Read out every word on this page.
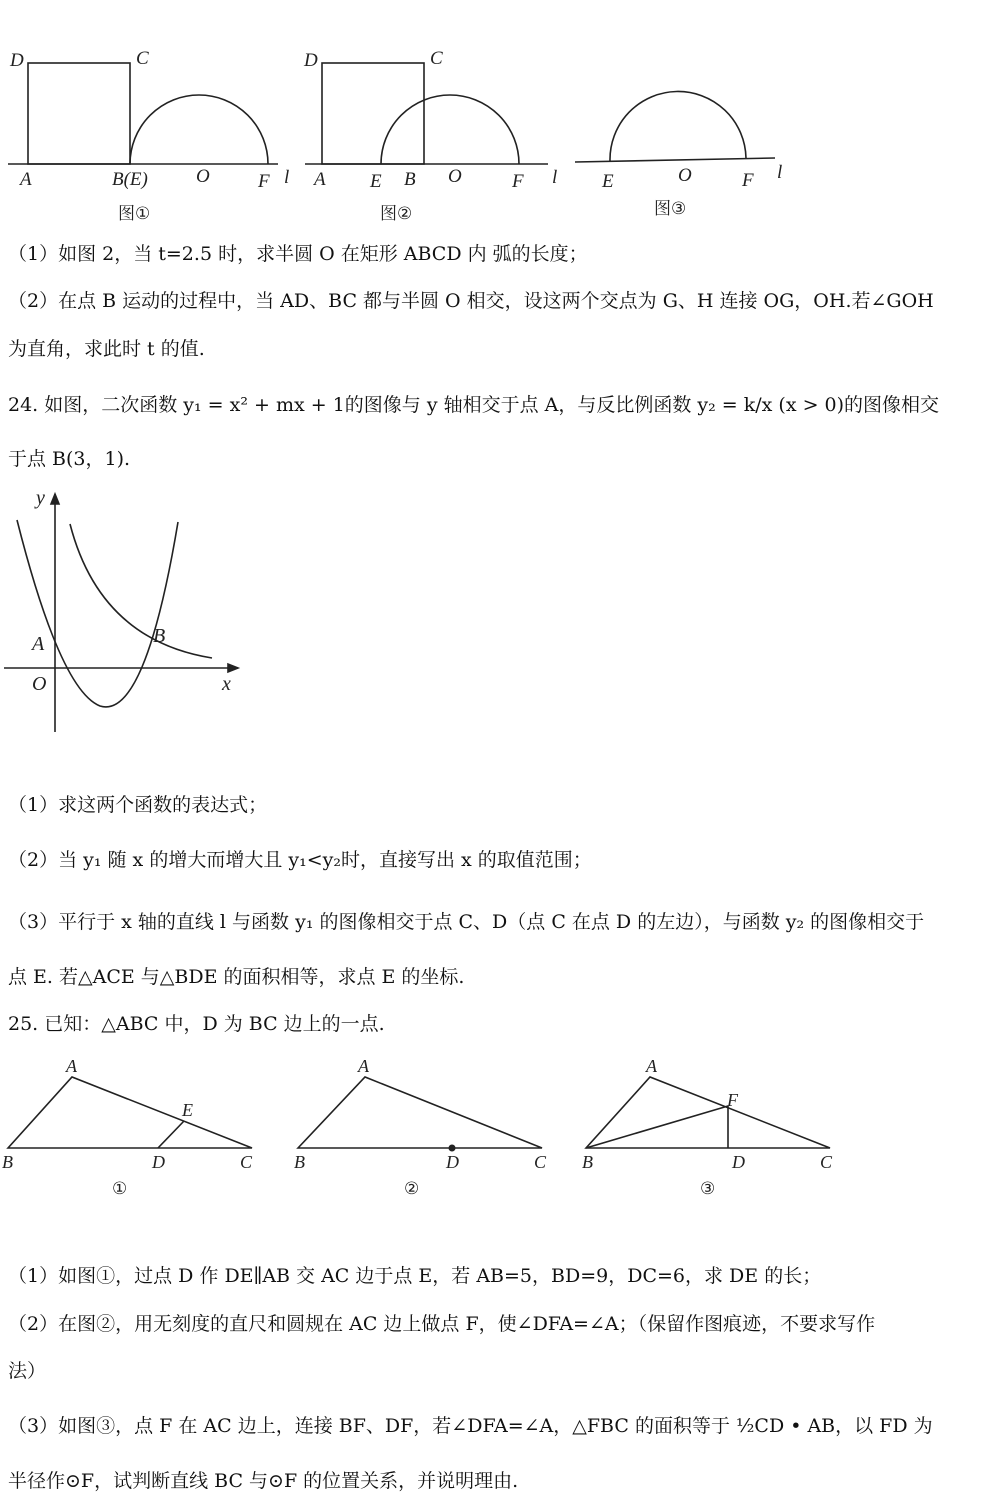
D	C
A	B(E)	O	F l
D	C
A E B O	F l E	O	F l
图①	图②	图③
（1）如图 2，当 t=2.5 时，求半圆 O 在矩形 ABCD 内 弧的长度；
（2）在点 B 运动的过程中，当 AD、BC 都与半圆 O 相交，设这两个交点为 G、H 连接 OG，OH.若∠GOH
为直角，求此时 t 的值.
24. 如图，二次函数 y₁ = x² + mx + 1的图像与 y 轴相交于点 A，与反比例函数 y₂ = k/x (x > 0)的图像相交
于点 B(3，1).
y
A	B
O	x
（1）求这两个函数的表达式；
（2）当 y₁ 随 x 的增大而增大且 y₁<y₂时，直接写出 x 的取值范围；
（3）平行于 x 轴的直线 l 与函数 y₁ 的图像相交于点 C、D（点 C 在点 D 的左边），与函数 y₂ 的图像相交于
点 E. 若△ACE 与△BDE 的面积相等，求点 E 的坐标.
25. 已知：△ABC 中，D 为 BC 边上的一点.
A
E
B	D	C
A
B	D	C
A
F
B	D	C
①	②	③
（1）如图①，过点 D 作 DE∥AB 交 AC 边于点 E，若 AB=5，BD=9，DC=6，求 DE 的长；
（2）在图②，用无刻度的直尺和圆规在 AC 边上做点 F，使∠DFA=∠A；（保留作图痕迹，不要求写作
法）
（3）如图③，点 F 在 AC 边上，连接 BF、DF，若∠DFA=∠A，△FBC 的面积等于 ½CD • AB，以 FD 为
半径作⊙F，试判断直线 BC 与⊙F 的位置关系，并说明理由.
